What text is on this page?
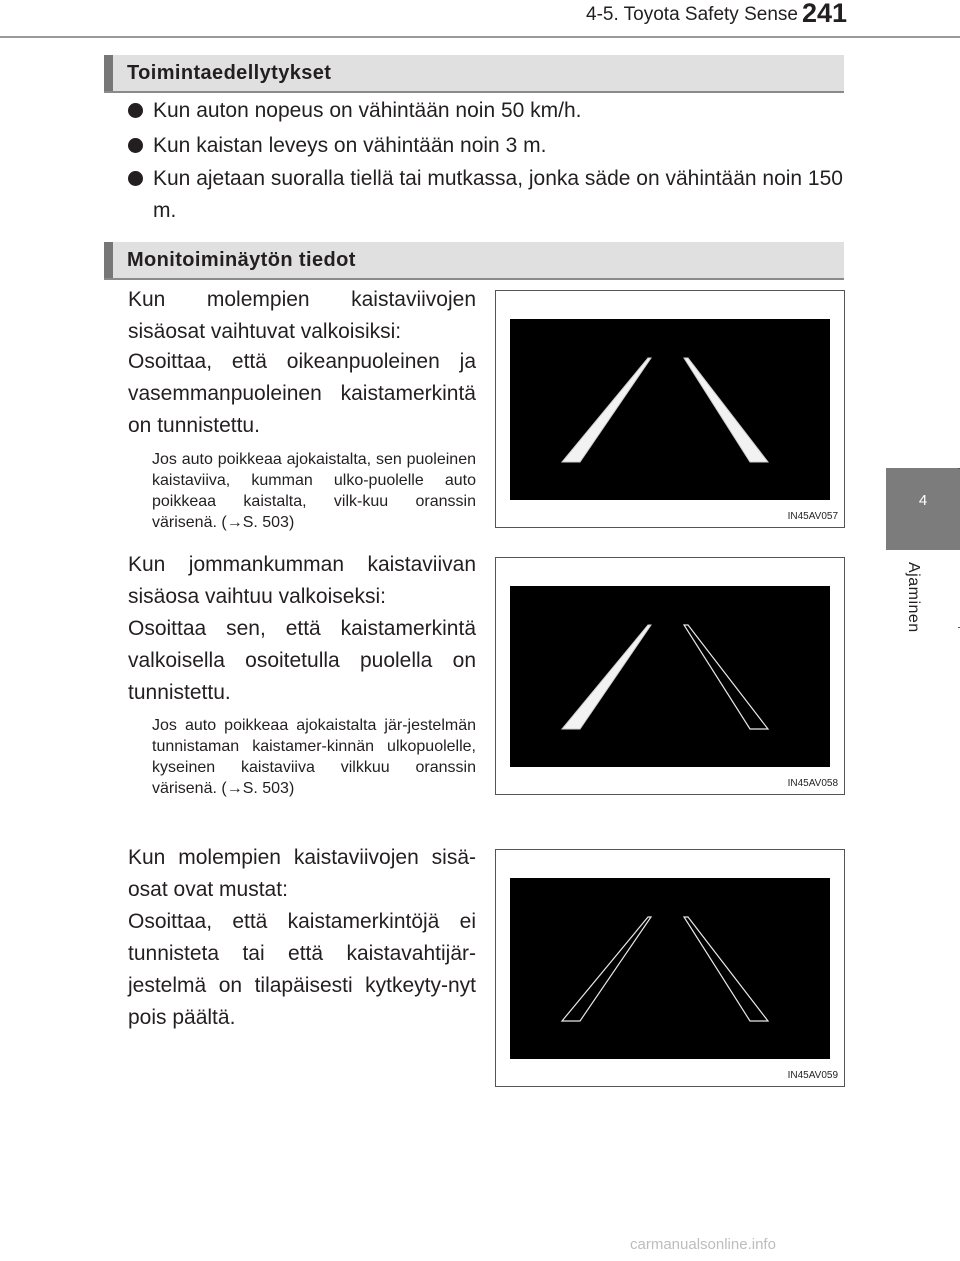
4-5. Toyota Safety Sense 241
4
Ajaminen
Toimintaedellytykset
Kun auton nopeus on vähintään noin 50 km/h.
Kun kaistan leveys on vähintään noin 3 m.
Kun ajetaan suoralla tiellä tai mutkassa, jonka säde on vähintään noin 150 m.
Monitoiminäytön tiedot
Kun molempien kaistaviivojen sisäosat vaihtuvat valkoisiksi:
Osoittaa, että oikeanpuoleinen ja vasemmanpuoleinen kaistamerkintä on tunnistettu.
Jos auto poikkeaa ajokaistalta, sen puoleinen kaistaviiva, kumman ulko-puolelle auto poikkeaa kaistalta, vilk-kuu oranssin värisenä. (→S. 503)
Kun jommankumman kaistaviivan sisäosa vaihtuu valkoiseksi:
Osoittaa sen, että kaistamerkintä valkoisella osoitetulla puolella on tunnistettu.
Jos auto poikkeaa ajokaistalta jär-jestelmän tunnistaman kaistamer-kinnän ulkopuolelle, kyseinen kaistaviiva vilkkuu oranssin värisenä. (→S. 503)
Kun molempien kaistaviivojen sisä-osat ovat mustat:
Osoittaa, että kaistamerkintöjä ei tunnisteta tai että kaistavahtijär-jestelmä on tilapäisesti kytkeyty-nyt pois päältä.
IN45AV057
IN45AV058
IN45AV059
carmanualsonline.info
